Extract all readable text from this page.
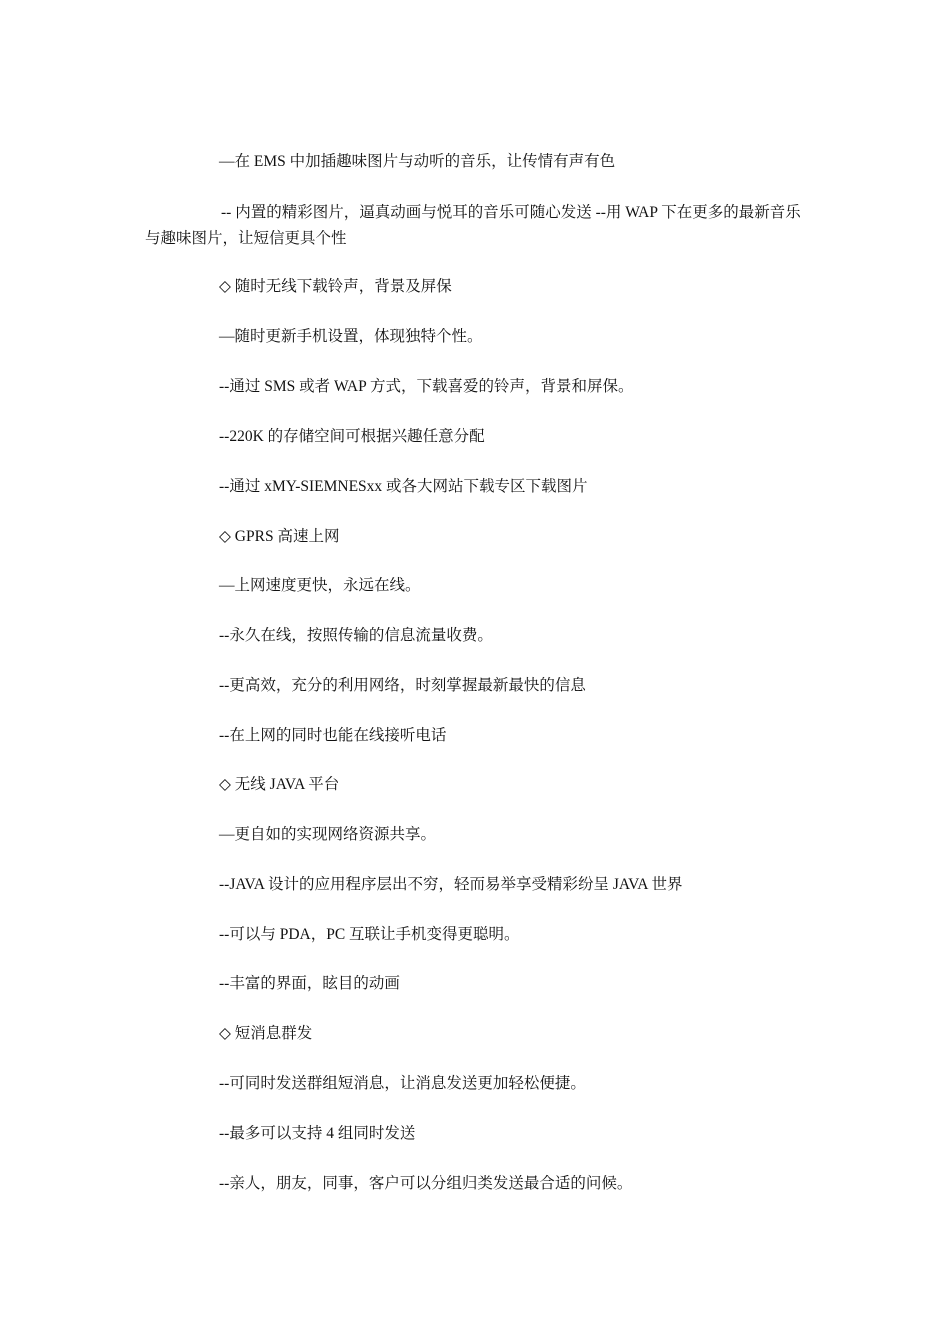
—在 EMS 中加插趣味图片与动听的音乐，让传情有声有色
-- 内置的精彩图片，逼真动画与悦耳的音乐可随心发送 --用 WAP 下在更多的最新音乐与趣味图片，让短信更具个性
◇ 随时无线下载铃声，背景及屏保
—随时更新手机设置，体现独特个性。
--通过 SMS 或者 WAP 方式，下载喜爱的铃声，背景和屏保。
--220K 的存储空间可根据兴趣任意分配
--通过 xMY-SIEMNESxx 或各大网站下载专区下载图片
◇ GPRS 高速上网
—上网速度更快，永远在线。
--永久在线，按照传输的信息流量收费。
--更高效，充分的利用网络，时刻掌握最新最快的信息
--在上网的同时也能在线接听电话
◇ 无线 JAVA 平台
—更自如的实现网络资源共享。
--JAVA 设计的应用程序层出不穷，轻而易举享受精彩纷呈 JAVA 世界
--可以与 PDA，PC 互联让手机变得更聪明。
--丰富的界面，眩目的动画
◇ 短消息群发
--可同时发送群组短消息，让消息发送更加轻松便捷。
--最多可以支持 4 组同时发送
--亲人，朋友，同事，客户可以分组归类发送最合适的问候。
